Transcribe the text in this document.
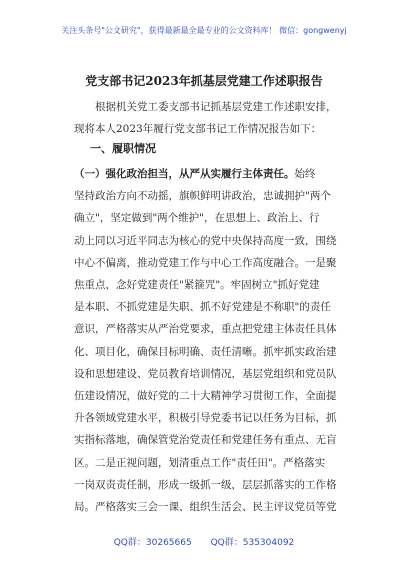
关注头条号"公文研究"，获得最新最全最专业的公文资料库！ 微信：gongwenyj
党支部书记2023年抓基层党建工作述职报告
　　根据机关党工委支部书记抓基层党建工作述职安排，
现将本人2023年履行党支部书记工作情况报告如下：
一、履职情况
（一）强化政治担当，从严从实履行主体责任。始终
坚持政治方向不动摇，旗帜鲜明讲政治，忠诚拥护"两个
确立"，坚定做到"两个维护"，在思想上、政治上、行
动上同以习近平同志为核心的党中央保持高度一致，围绕
中心不偏离，推动党建工作与中心工作高度融合。一是聚
焦重点，念好党建责任"紧箍咒"。牢固树立"抓好党建
是本职、不抓党建是失职、抓不好党建是不称职"的责任
意识，严格落实从严治党要求，重点把党建主体责任具体
化、项目化，确保目标明确、责任清晰。抓牢抓实政治建
设和思想建设、党员教育培训情况，基层党组织和党员队
伍建设情况，做好党的二十大精神学习贯彻工作，全面提
升各领域党建水平，积极引导党委书记以任务为目标，抓
实指标落地，确保管党治党责任和党建任务有重点、无盲
区。二是正视问题，划清重点工作"责任田"。严格落实
一岗双责责任制，形成一级抓一级，层层抓落实的工作格
局。严格落实三会一课、组织生活会、民主评议党员等党
QQ群：30265665 QQ群：535304092
